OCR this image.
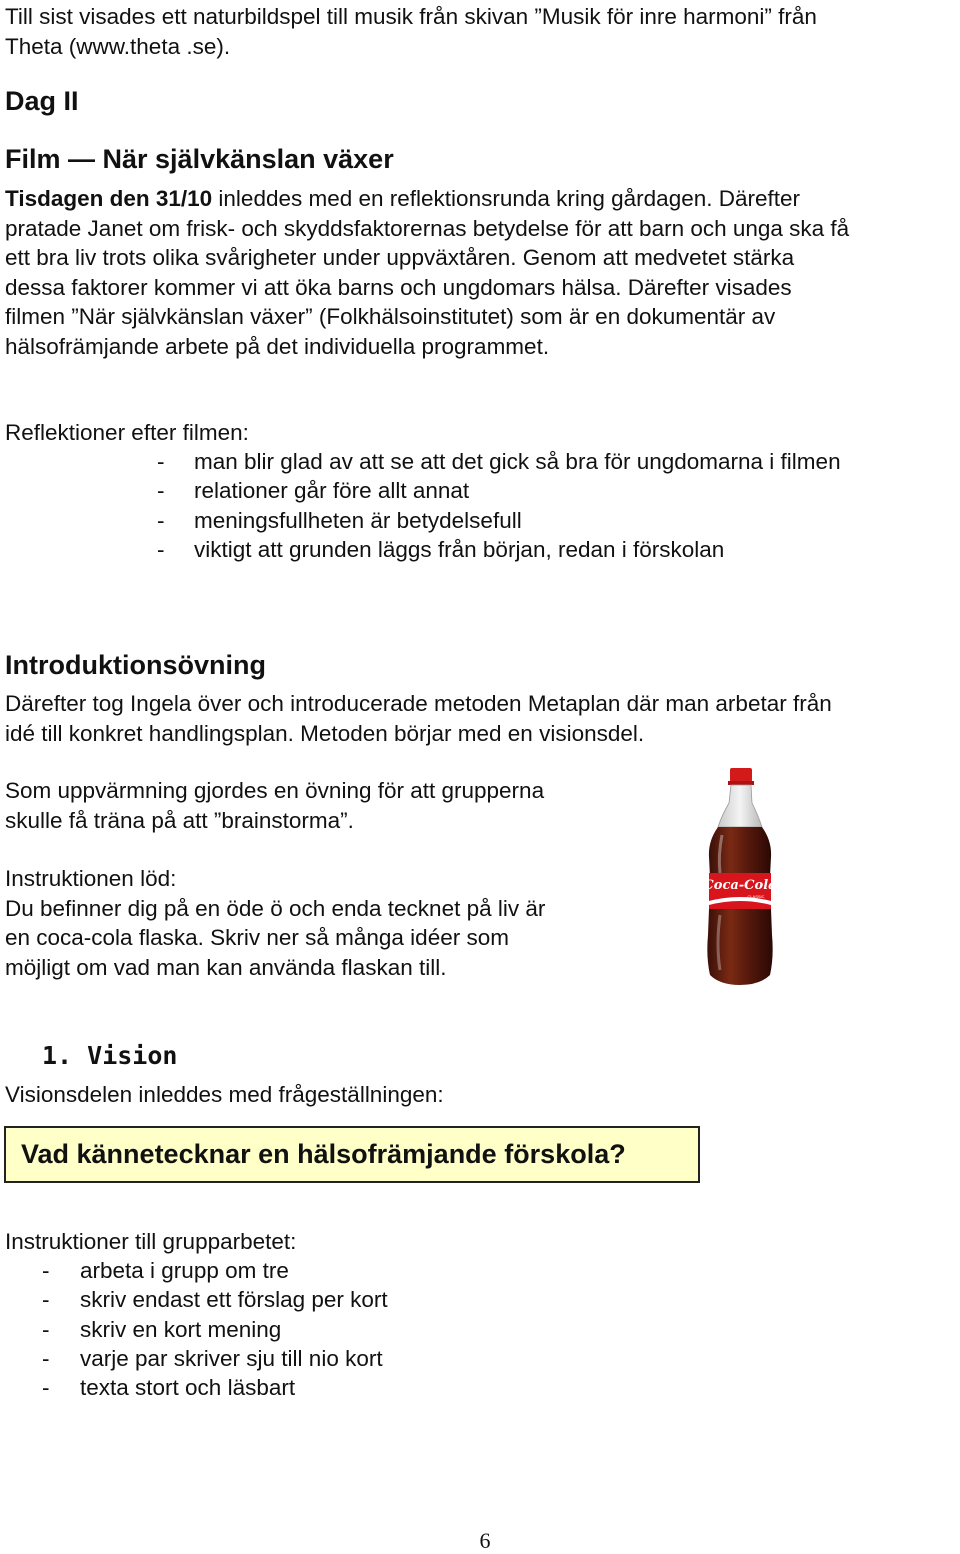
Till sist visades ett naturbildspel till musik från skivan ”Musik för inre harmoni” från
Theta (www.theta .se).

Dag II
Film — När självkänslan växer

Tisdagen den 31/10 inleddes med en reflektionsrunda kring gårdagen. Därefter
pratade Janet om frisk- och skyddsfaktorernas betydelse för att barn och unga ska få
ett bra liv trots olika svårigheter under uppväxtåren. Genom att medvetet stärka
dessa faktorer kommer vi att öka barns och ungdomars hälsa. Därefter visades
filmen ”När självkänslan växer” (Folkhälsoinstitutet) som är en dokumentär av
hälsofrämjande arbete på det individuella programmet.

Reflektioner efter filmen:

- man blir glad av att se att det gick så bra för ungdomarna i filmen
- relationer går före allt annat
- meningsfullheten är betydelsefull
- viktigt att grunden läggs från början, redan i förskolan
Introduktionsövning

Därefter tog Ingela över och introducerade metoden Metaplan där man arbetar från
idé till konkret handlingsplan. Metoden börjar med en visionsdel.

Som uppvärmning gjordes en övning för att grupperna
skulle få träna på att ”brainstorma”.

Instruktionen löd:
Du befinner dig på en öde ö och enda tecknet på liv är
en coca-cola flaska. Skriv ner så många idéer som
möjligt om vad man kan använda flaskan till.

Coca-Cola
CLASSIC
1. Vision

Visionsdelen inleddes med frågeställningen:

Vad kännetecknar en hälsofrämjande förskola?

Instruktioner till grupparbetet:

- arbeta i grupp om tre
- skriv endast ett förslag per kort
- skriv en kort mening
- varje par skriver sju till nio kort
- texta stort och läsbart
6
